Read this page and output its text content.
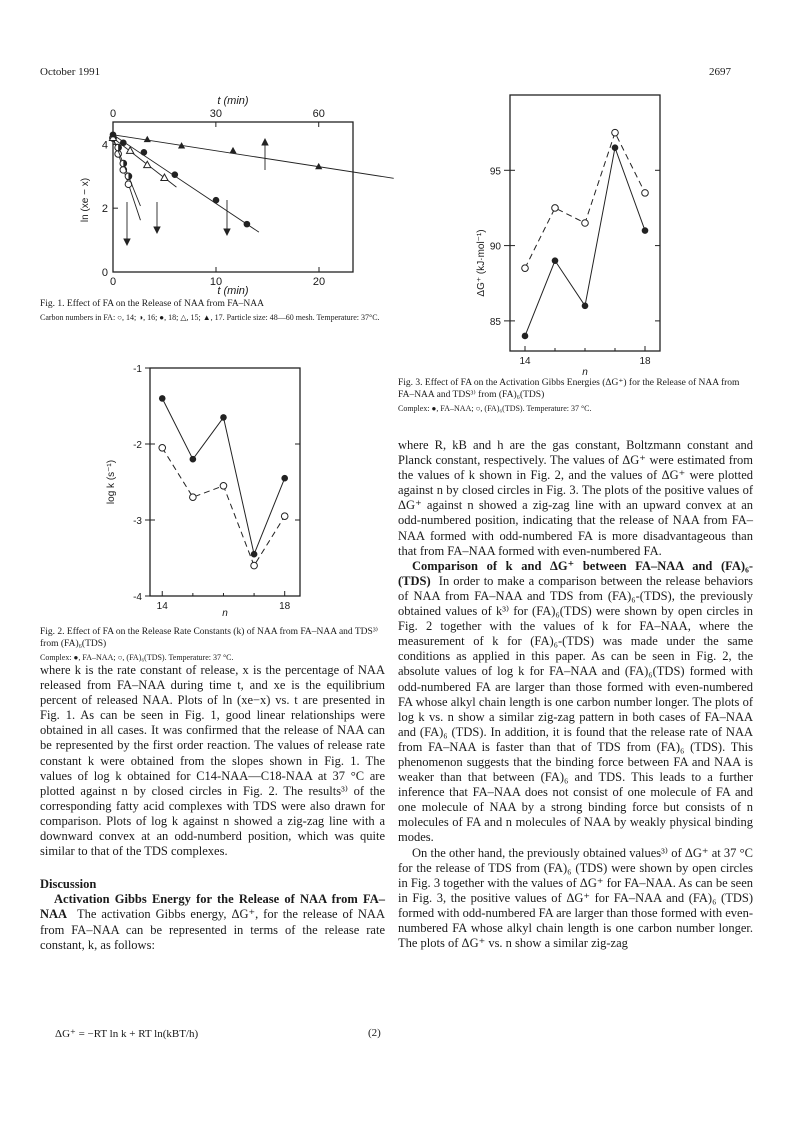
October 1991	2697
t (min)
t (min)
ln (xe − x)
0	10	20
0	30	60
0
2
4
Fig. 1. Effect of FA on the Release of NAA from FA–NAA
Carbon numbers in FA: ○, 14; ◑, 16; ●, 18; △, 15; ▲, 17. Particle size: 48—60 mesh. Temperature: 37°C.
n
log k (s⁻¹)
14	18
-1
-2
-3
-4
Fig. 2. Effect of FA on the Release Rate Constants (k) of NAA from FA–NAA and TDS³⁾ from (FA)₆(TDS)
Complex: ●, FA–NAA; ○, (FA)₆(TDS). Temperature: 37 °C.
n
ΔG⁺ (kJ·mol⁻¹)
14	18
85
90
95
Fig. 3. Effect of FA on the Activation Gibbs Energies (ΔG⁺) for the Release of NAA from FA–NAA and TDS³⁾ from (FA)₆(TDS)
Complex: ●, FA–NAA; ○, (FA)₆(TDS). Temperature: 37 °C.

where k is the rate constant of release, x is the percentage of NAA released from FA–NAA during time t, and xe is the equilibrium percent of released NAA. Plots of ln (xe−x) vs. t are presented in Fig. 1. As can be seen in Fig. 1, good linear relationships were obtained in all cases. It was confirmed that the release of NAA can be represented by the first order reaction. The values of release rate constant k were obtained from the slopes shown in Fig. 1. The values of log k obtained for C14-NAA—C18-NAA at 37 °C are plotted against n by closed circles in Fig. 2. The results³⁾ of the corresponding fatty acid complexes with TDS were also drawn for comparison. Plots of log k against n showed a zig-zag line with a downward convex at an odd-numberd position, which was quite similar to that of the TDS complexes.

Discussion

Activation Gibbs Energy for the Release of NAA from FA–NAA The activation Gibbs energy, ΔG⁺, for the release of NAA from FA–NAA can be represented in terms of the release rate constant, k, as follows:

ΔG⁺ = −RT ln k + RT ln(kBT/h)	(2)

where R, kB and h are the gas constant, Boltzmann constant and Planck constant, respectively. The values of ΔG⁺ were estimated from the values of k shown in Fig. 2, and the values of ΔG⁺ were plotted against n by closed circles in Fig. 3. The plots of the positive values of ΔG⁺ against n showed a zig-zag line with an upward convex at an odd-numbered position, indicating that the release of NAA from FA–NAA formed with odd-numbered FA is more disadvantageous than that from FA–NAA formed with even-numbered FA.

Comparison of k and ΔG⁺ between FA–NAA and (FA)₆-(TDS) In order to make a comparison between the release behaviors of NAA from FA–NAA and TDS from (FA)₆-(TDS), the previously obtained values of k³⁾ for (FA)₆(TDS) were shown by open circles in Fig. 2 together with the values of k for FA–NAA, where the measurement of k for (FA)₆-(TDS) was made under the same conditions as applied in this paper. As can be seen in Fig. 2, the absolute values of log k for FA–NAA and (FA)₆(TDS) formed with odd-numbered FA are larger than those formed with even-numbered FA whose alkyl chain length is one carbon number longer. The plots of log k vs. n show a similar zig-zag pattern in both cases of FA–NAA and (FA)₆ (TDS). In addition, it is found that the release rate of NAA from FA–NAA is faster than that of TDS from (FA)₆ (TDS). This phenomenon suggests that the binding force between FA and NAA is weaker than that between (FA)₆ and TDS. This leads to a further inference that FA–NAA does not consist of one molecule of FA and one molecule of NAA by a strong binding force but consists of n molecules of FA and n molecules of NAA by weakly physical binding modes.

On the other hand, the previously obtained values³⁾ of ΔG⁺ at 37 °C for the release of TDS from (FA)₆ (TDS) were shown by open circles in Fig. 3 together with the values of ΔG⁺ for FA–NAA. As can be seen in Fig. 3, the positive values of ΔG⁺ for FA–NAA and (FA)₆ (TDS) formed with odd-numbered FA are larger than those formed with even-numbered FA whose alkyl chain length is one carbon number longer. The plots of ΔG⁺ vs. n show a similar zig-zag
